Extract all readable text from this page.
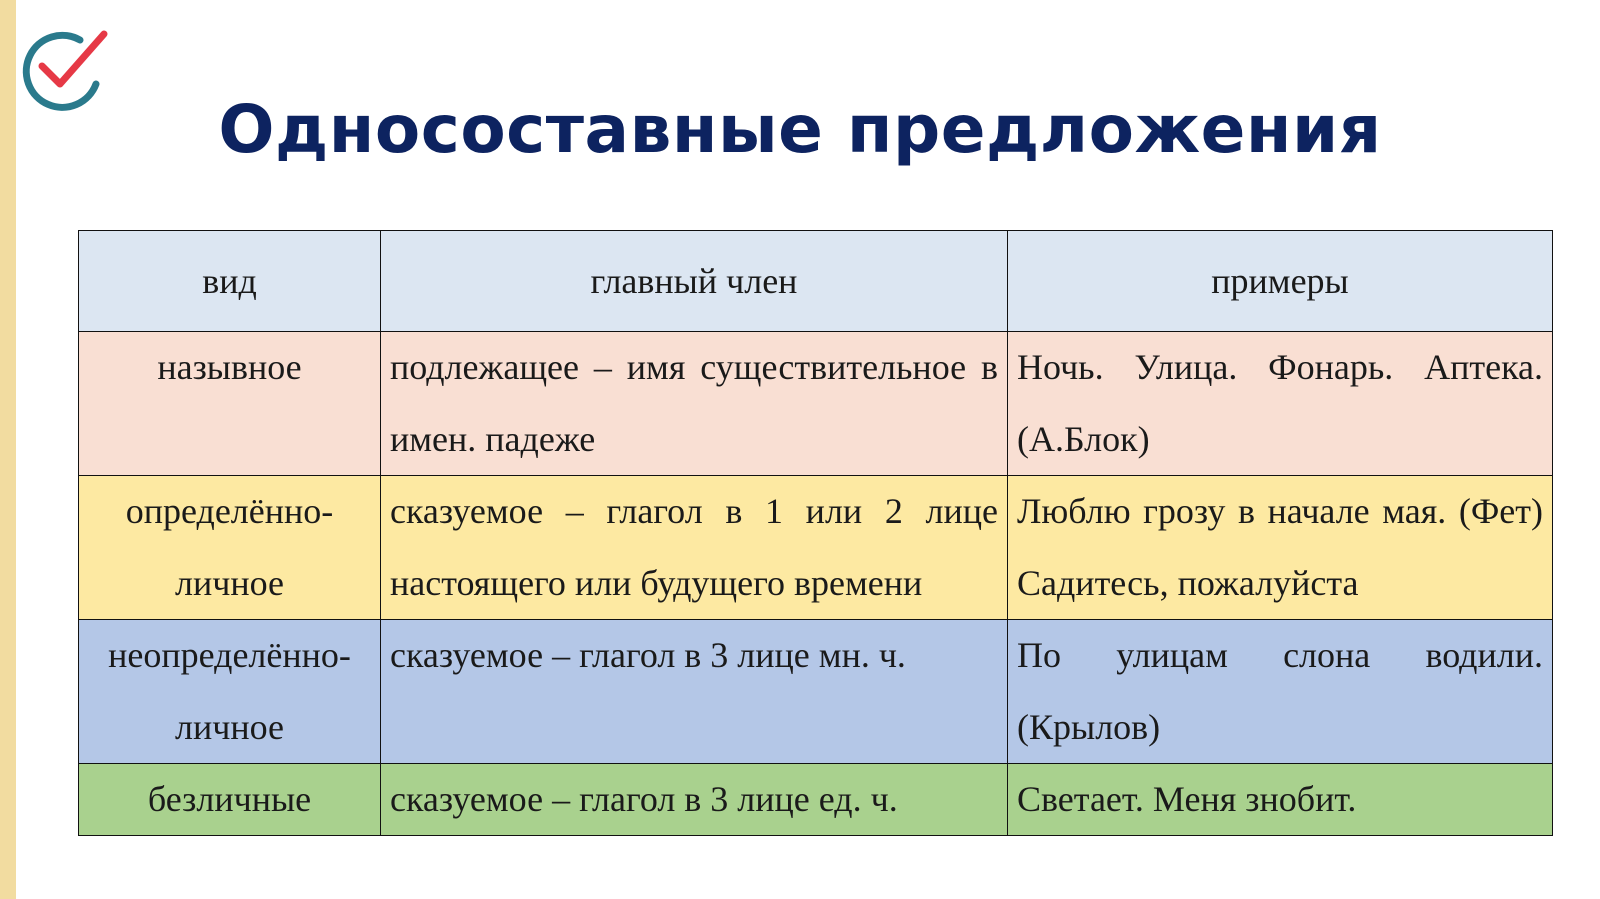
Односоставные предложения
вид	главный член	примеры

назывное	подлежащее – имя существительное в имен. падеже	Ночь. Улица. Фонарь. Аптека. (А.Блок)

определённо-личное	сказуемое – глагол в 1 или 2 лице настоящего или будущего времени	Люблю грозу в начале мая. (Фет) Садитесь, пожалуйста

неопределённо-личное	сказуемое – глагол в 3 лице мн. ч.	По улицам слона водили. (Крылов)

безличные	сказуемое – глагол в 3 лице ед. ч.	Светает. Меня знобит.
